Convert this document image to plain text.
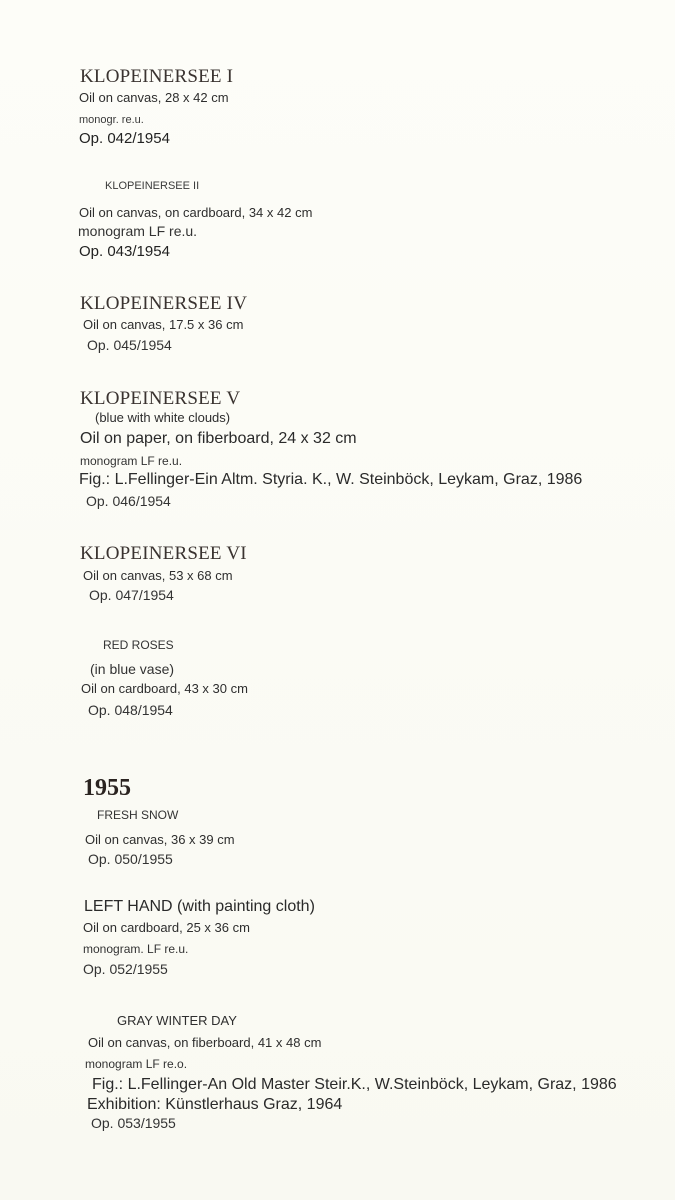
KLOPEINERSEE I

Oil on canvas, 28 x 42 cm

monogr. re.u.

Op. 042/1954

KLOPEINERSEE II

Oil on canvas, on cardboard, 34 x 42 cm

monogram LF re.u.

Op. 043/1954

KLOPEINERSEE IV

Oil on canvas, 17.5 x 36 cm

Op. 045/1954

KLOPEINERSEE V

(blue with white clouds)

Oil on paper, on fiberboard, 24 x 32 cm

monogram LF re.u.

Fig.: L.Fellinger-Ein Altm. Styria. K., W. Steinböck, Leykam, Graz, 1986

Op. 046/1954

KLOPEINERSEE VI

Oil on canvas, 53 x 68 cm

Op. 047/1954

RED ROSES

(in blue vase)

Oil on cardboard, 43 x 30 cm

Op. 048/1954

1955

FRESH SNOW

Oil on canvas, 36 x 39 cm

Op. 050/1955

LEFT HAND (with painting cloth)

Oil on cardboard, 25 x 36 cm

monogram. LF re.u.

Op. 052/1955

GRAY WINTER DAY

Oil on canvas, on fiberboard, 41 x 48 cm

monogram LF re.o.

Fig.: L.Fellinger-An Old Master Steir.K., W.Steinböck, Leykam, Graz, 1986

Exhibition: Künstlerhaus Graz, 1964

Op. 053/1955
